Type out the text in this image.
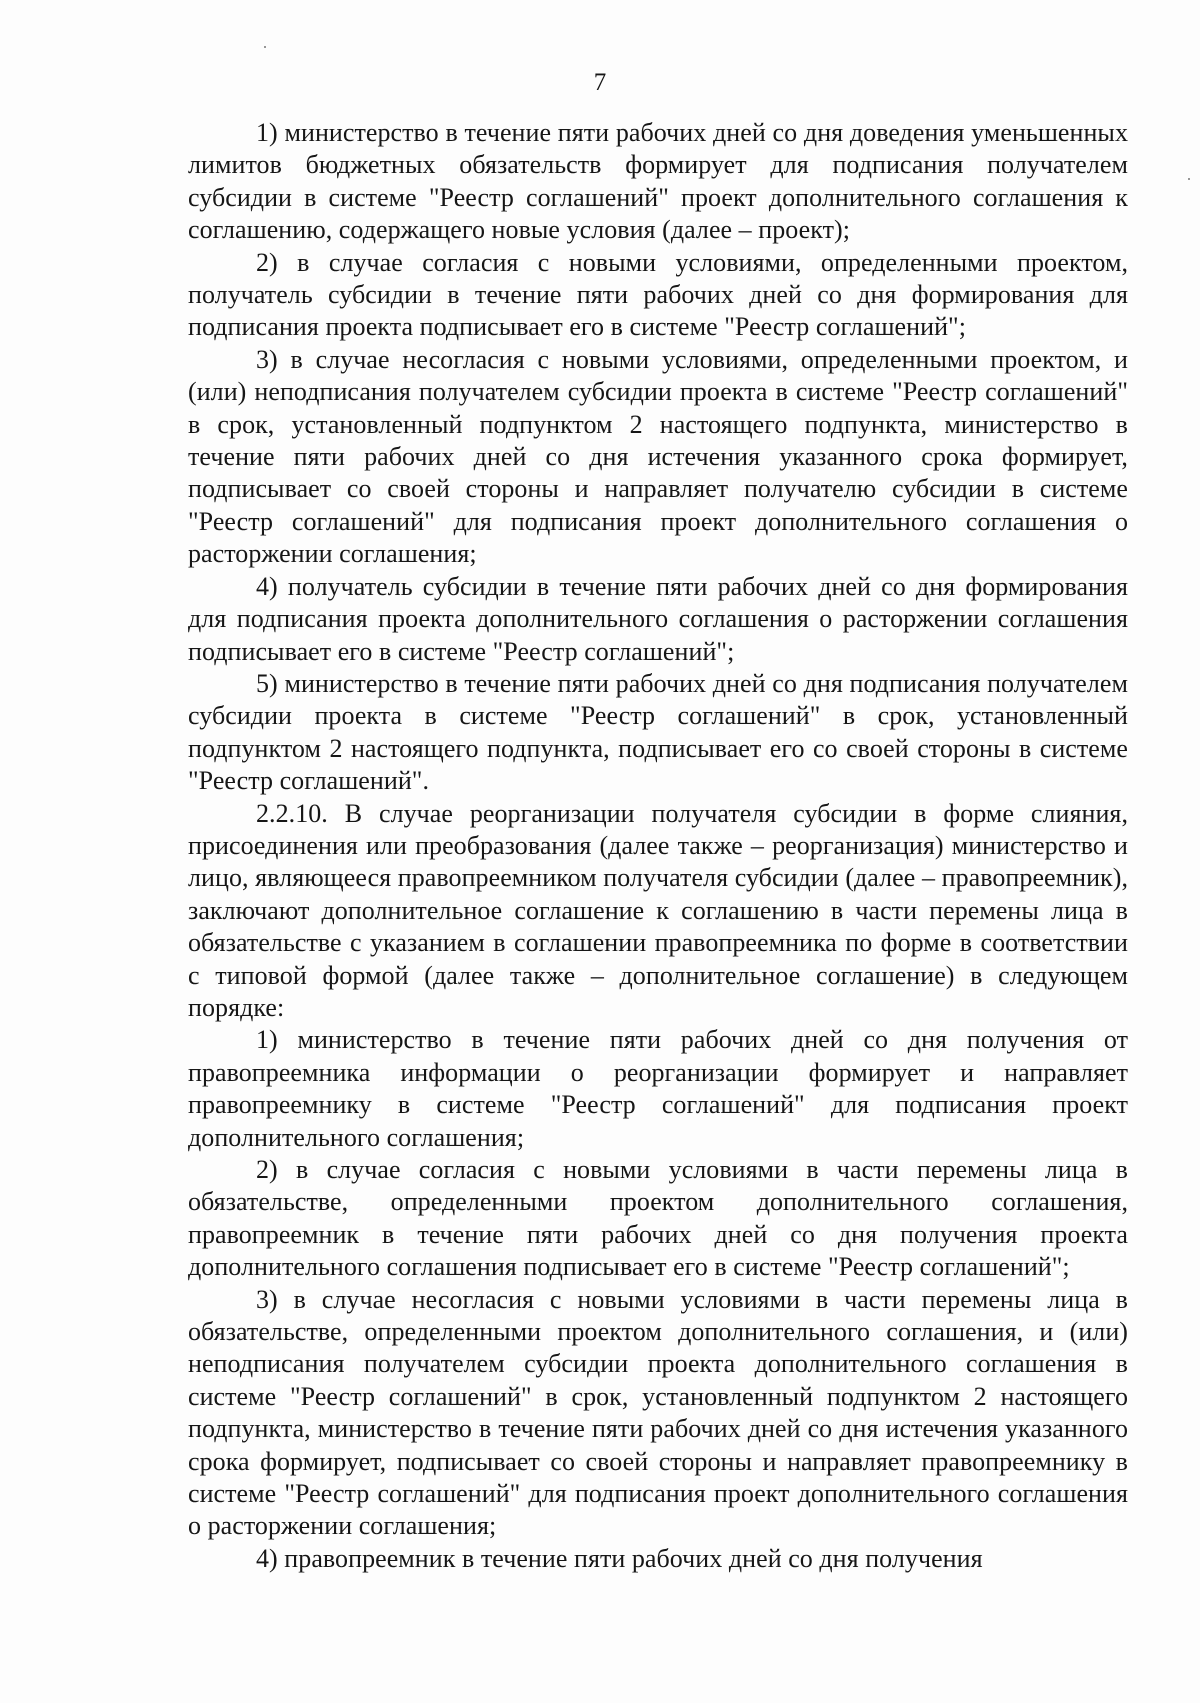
7

1) министерство в течение пяти рабочих дней со дня доведения уменьшенных лимитов бюджетных обязательств формирует для подписания получателем субсидии в системе "Реестр соглашений" проект дополнительного соглашения к соглашению, содержащего новые условия (далее – проект);

2) в случае согласия с новыми условиями, определенными проектом, получатель субсидии в течение пяти рабочих дней со дня формирования для подписания проекта подписывает его в системе "Реестр соглашений";

3) в случае несогласия с новыми условиями, определенными проектом, и (или) неподписания получателем субсидии проекта в системе "Реестр соглашений" в срок, установленный подпунктом 2 настоящего подпункта, министерство в течение пяти рабочих дней со дня истечения указанного срока формирует, подписывает со своей стороны и направляет получателю субсидии в системе "Реестр соглашений" для подписания проект дополнительного соглашения о расторжении соглашения;

4) получатель субсидии в течение пяти рабочих дней со дня формирования для подписания проекта дополнительного соглашения о расторжении соглашения подписывает его в системе "Реестр соглашений";

5) министерство в течение пяти рабочих дней со дня подписания получателем субсидии проекта в системе "Реестр соглашений" в срок, установленный подпунктом 2 настоящего подпункта, подписывает его со своей стороны в системе "Реестр соглашений".

2.2.10. В случае реорганизации получателя субсидии в форме слияния, присоединения или преобразования (далее также – реорганизация) министерство и лицо, являющееся правопреемником получателя субсидии (далее – правопреемник), заключают дополнительное соглашение к соглашению в части перемены лица в обязательстве с указанием в соглашении правопреемника по форме в соответствии с типовой формой (далее также – дополнительное соглашение) в следующем порядке:

1) министерство в течение пяти рабочих дней со дня получения от правопреемника информации о реорганизации формирует и направляет правопреемнику в системе "Реестр соглашений" для подписания проект дополнительного соглашения;

2) в случае согласия с новыми условиями в части перемены лица в обязательстве, определенными проектом дополнительного соглашения, правопреемник в течение пяти рабочих дней со дня получения проекта дополнительного соглашения подписывает его в системе "Реестр соглашений";

3) в случае несогласия с новыми условиями в части перемены лица в обязательстве, определенными проектом дополнительного соглашения, и (или) неподписания получателем субсидии проекта дополнительного соглашения в системе "Реестр соглашений" в срок, установленный подпунктом 2 настоящего подпункта, министерство в течение пяти рабочих дней со дня истечения указанного срока формирует, подписывает со своей стороны и направляет правопреемнику в системе "Реестр соглашений" для подписания проект дополнительного соглашения о расторжении соглашения;

4) правопреемник в течение пяти рабочих дней со дня получения
